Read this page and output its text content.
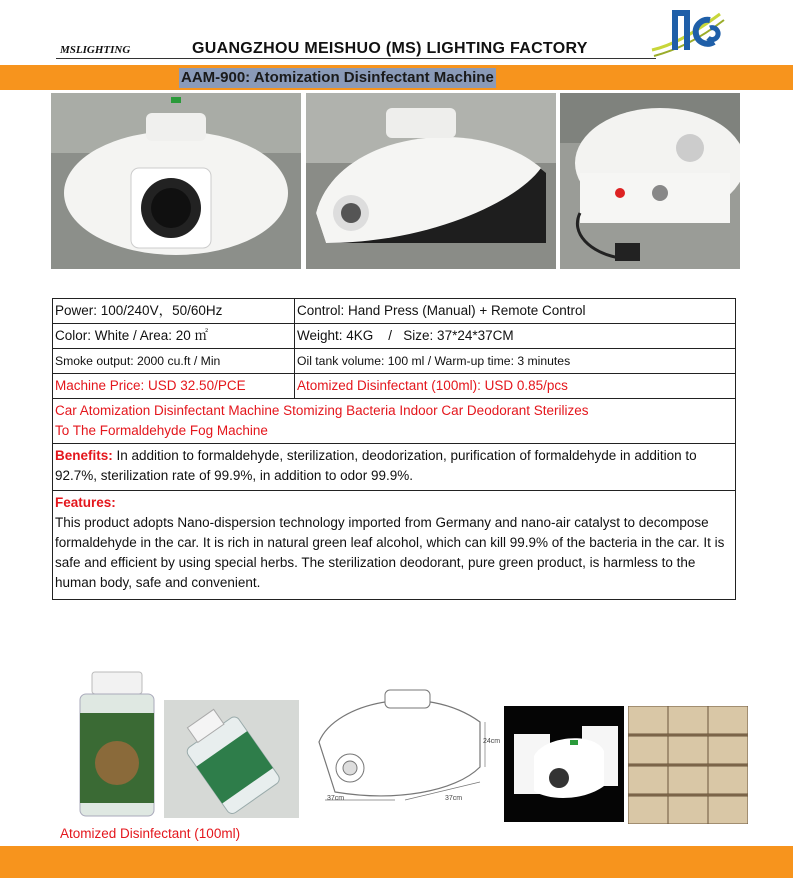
MSLIGHTING	GUANGZHOU MEISHUO (MS) LIGHTING FACTORY
AAM-900: Atomization Disinfectant Machine
Power: 100/240V，50/60Hz	Control: Hand Press (Manual) + Remote Control
Color: White / Area: 20 ㎡	Weight: 4KG    /   Size: 37*24*37CM
Smoke output: 2000 cu.ft / Min	Oil tank volume: 100 ml / Warm-up time: 3 minutes
Machine Price: USD 32.50/PCE	Atomized Disinfectant (100ml): USD 0.85/pcs

Car Atomization Disinfectant Machine Stomizing Bacteria Indoor Car Deodorant Sterilizes
To The Formaldehyde Fog Machine	

Benefits: In addition to formaldehyde, sterilization, deodorization, purification of formaldehyde in addition to 92.7%, sterilization rate of 99.9%, in addition to odor 99.9%.	

Features:
This product adopts Nano-dispersion technology imported from Germany and nano-air catalyst to decompose formaldehyde in the car. It is rich in natural green leaf alcohol, which can kill 99.9% of the bacteria in the car. It is safe and efficient by using special herbs. The sterilization deodorant, pure green product, is harmless to the human body, safe and convenient.	
24cm
37cm	37cm
Atomized Disinfectant (100ml)
